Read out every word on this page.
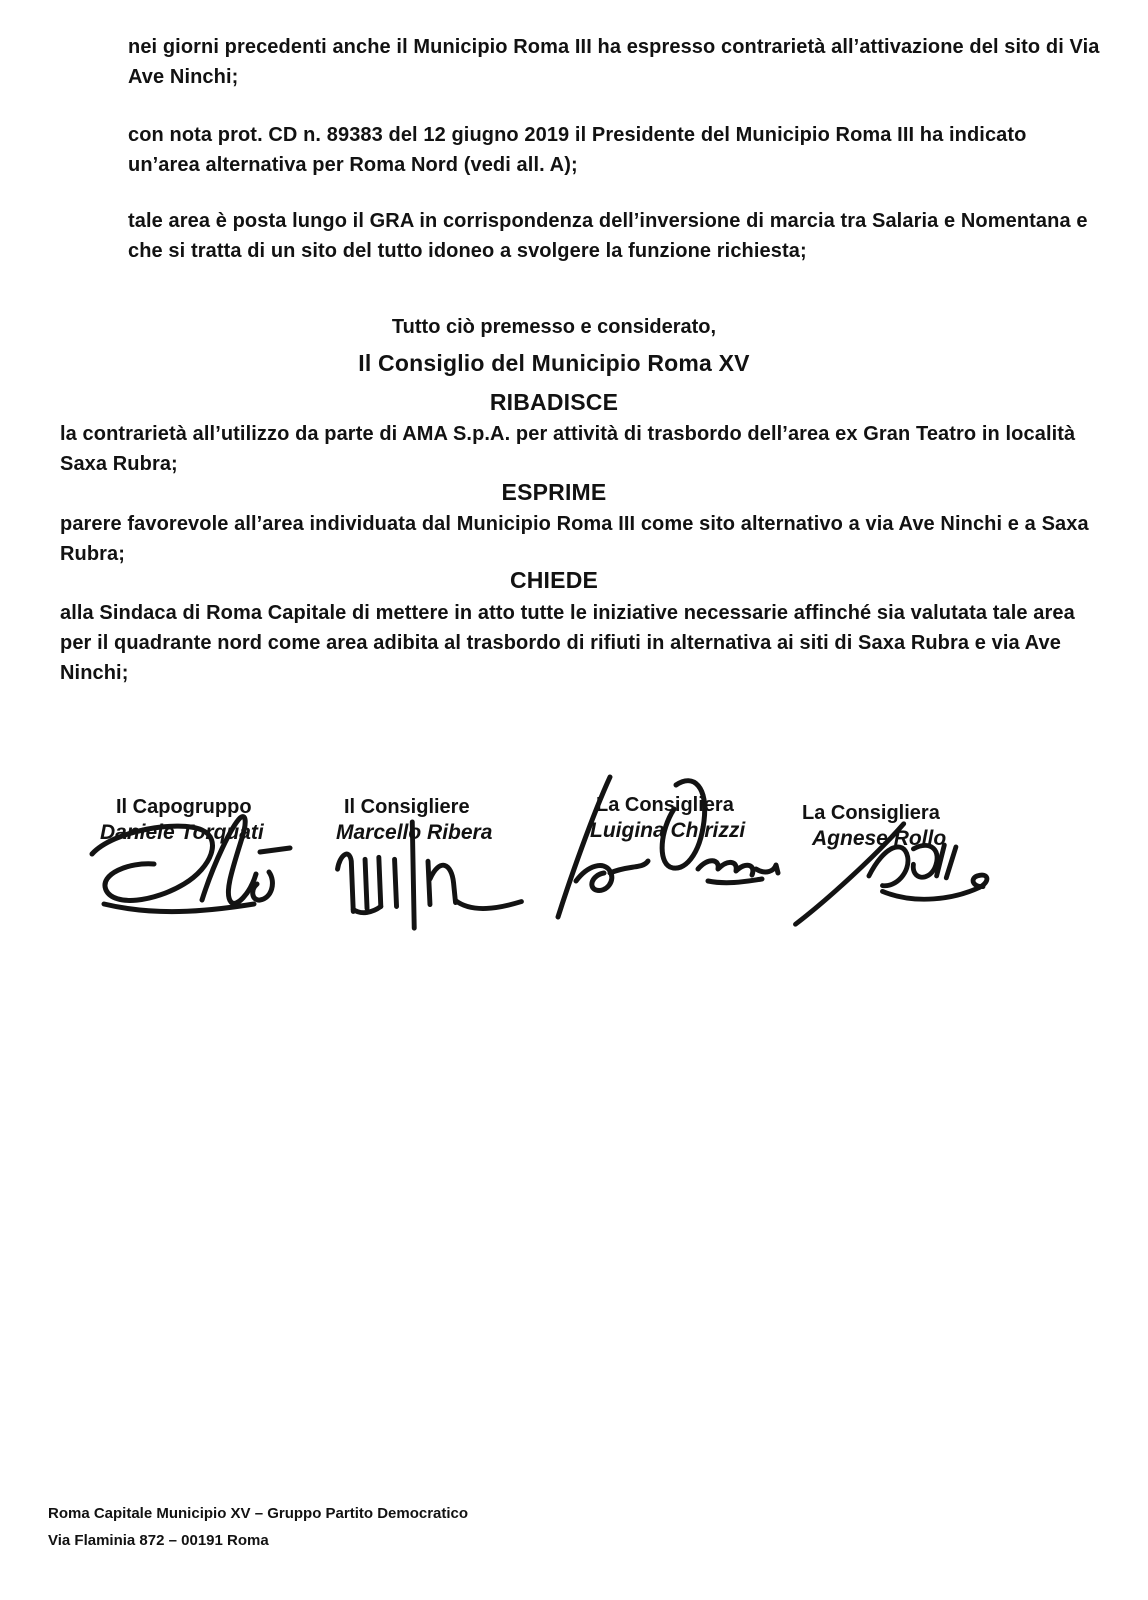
nei giorni precedenti anche il Municipio Roma III ha espresso contrarietà all’attivazione del sito di Via Ave Ninchi;
con nota prot. CD n. 89383 del 12 giugno 2019 il Presidente del Municipio Roma III ha indicato un’area alternativa per Roma Nord (vedi all. A);
tale area è posta lungo il GRA in corrispondenza dell’inversione di marcia tra Salaria e Nomentana e che si tratta di un sito del tutto idoneo a svolgere la funzione richiesta;
Tutto ciò premesso e considerato,
Il Consiglio del Municipio Roma XV
RIBADISCE
la contrarietà all’utilizzo da parte di AMA S.p.A. per attività di trasbordo dell’area ex Gran Teatro in località Saxa Rubra;
ESPRIME
parere favorevole all’area individuata dal Municipio Roma III come sito alternativo a via Ave Ninchi e a Saxa Rubra;
CHIEDE
alla Sindaca di Roma Capitale di mettere in atto tutte le iniziative necessarie affinché sia valutata tale area per il quadrante nord come area adibita al trasbordo di rifiuti in alternativa ai siti di Saxa Rubra e via Ave Ninchi;
Il Capogruppo
Daniele Torquati
Il Consigliere
Marcello Ribera
La Consigliera
Luigina Chirizzi
La Consigliera
Agnese Rollo
Roma Capitale Municipio XV – Gruppo Partito Democratico
Via Flaminia 872 – 00191 Roma
